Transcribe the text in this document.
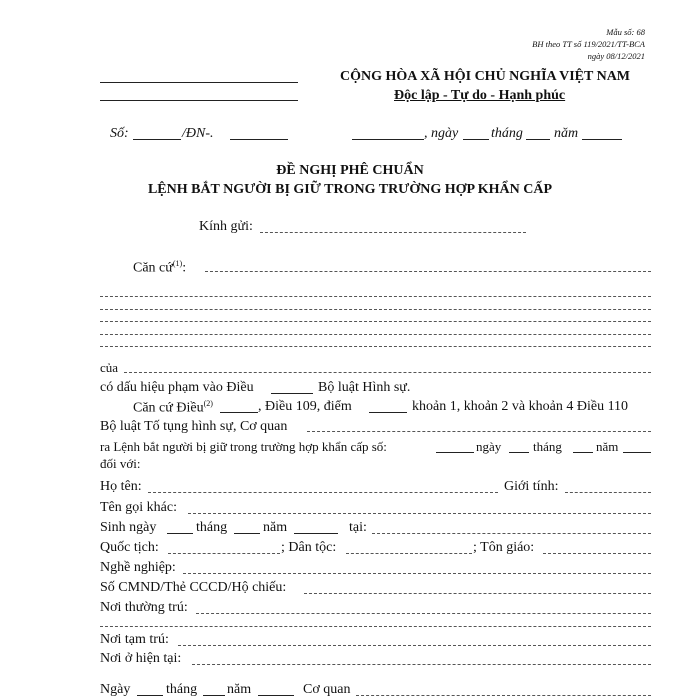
Mẫu số: 68
BH theo TT số 119/2021/TT-BCA
ngày 08/12/2021
CỘNG HÒA XÃ HỘI CHỦ NGHĨA VIỆT NAM
Độc lập - Tự do - Hạnh phúc
Số:	/ĐN-.	, ngày tháng năm
ĐỀ NGHỊ PHÊ CHUẨN
LỆNH BẮT NGƯỜI BỊ GIỮ TRONG TRƯỜNG HỢP KHẨN CẤP
Kính gửi:
Căn cứ$^{(1)}$:
của
có dấu hiệu phạm vào Điều	Bộ luật Hình sự.
Căn cứ Điều$^{(2)}$	, Điều 109, điểm	khoản 1, khoản 2 và khoản 4 Điều 110
Bộ luật Tố tụng hình sự, Cơ quan
ra Lệnh bắt người bị giữ trong trường hợp khẩn cấp số:	ngày tháng	năm
đối với:
Họ tên:	Giới tính:
Tên gọi khác:
Sinh ngày	tháng	năm	tại:
Quốc tịch:	; Dân tộc:	; Tôn giáo:
Nghề nghiệp:
Số CMND/Thẻ CCCD/Hộ chiếu:
Nơi thường trú:
Nơi tạm trú:
Nơi ở hiện tại:
Ngày	tháng năm	Cơ quan
